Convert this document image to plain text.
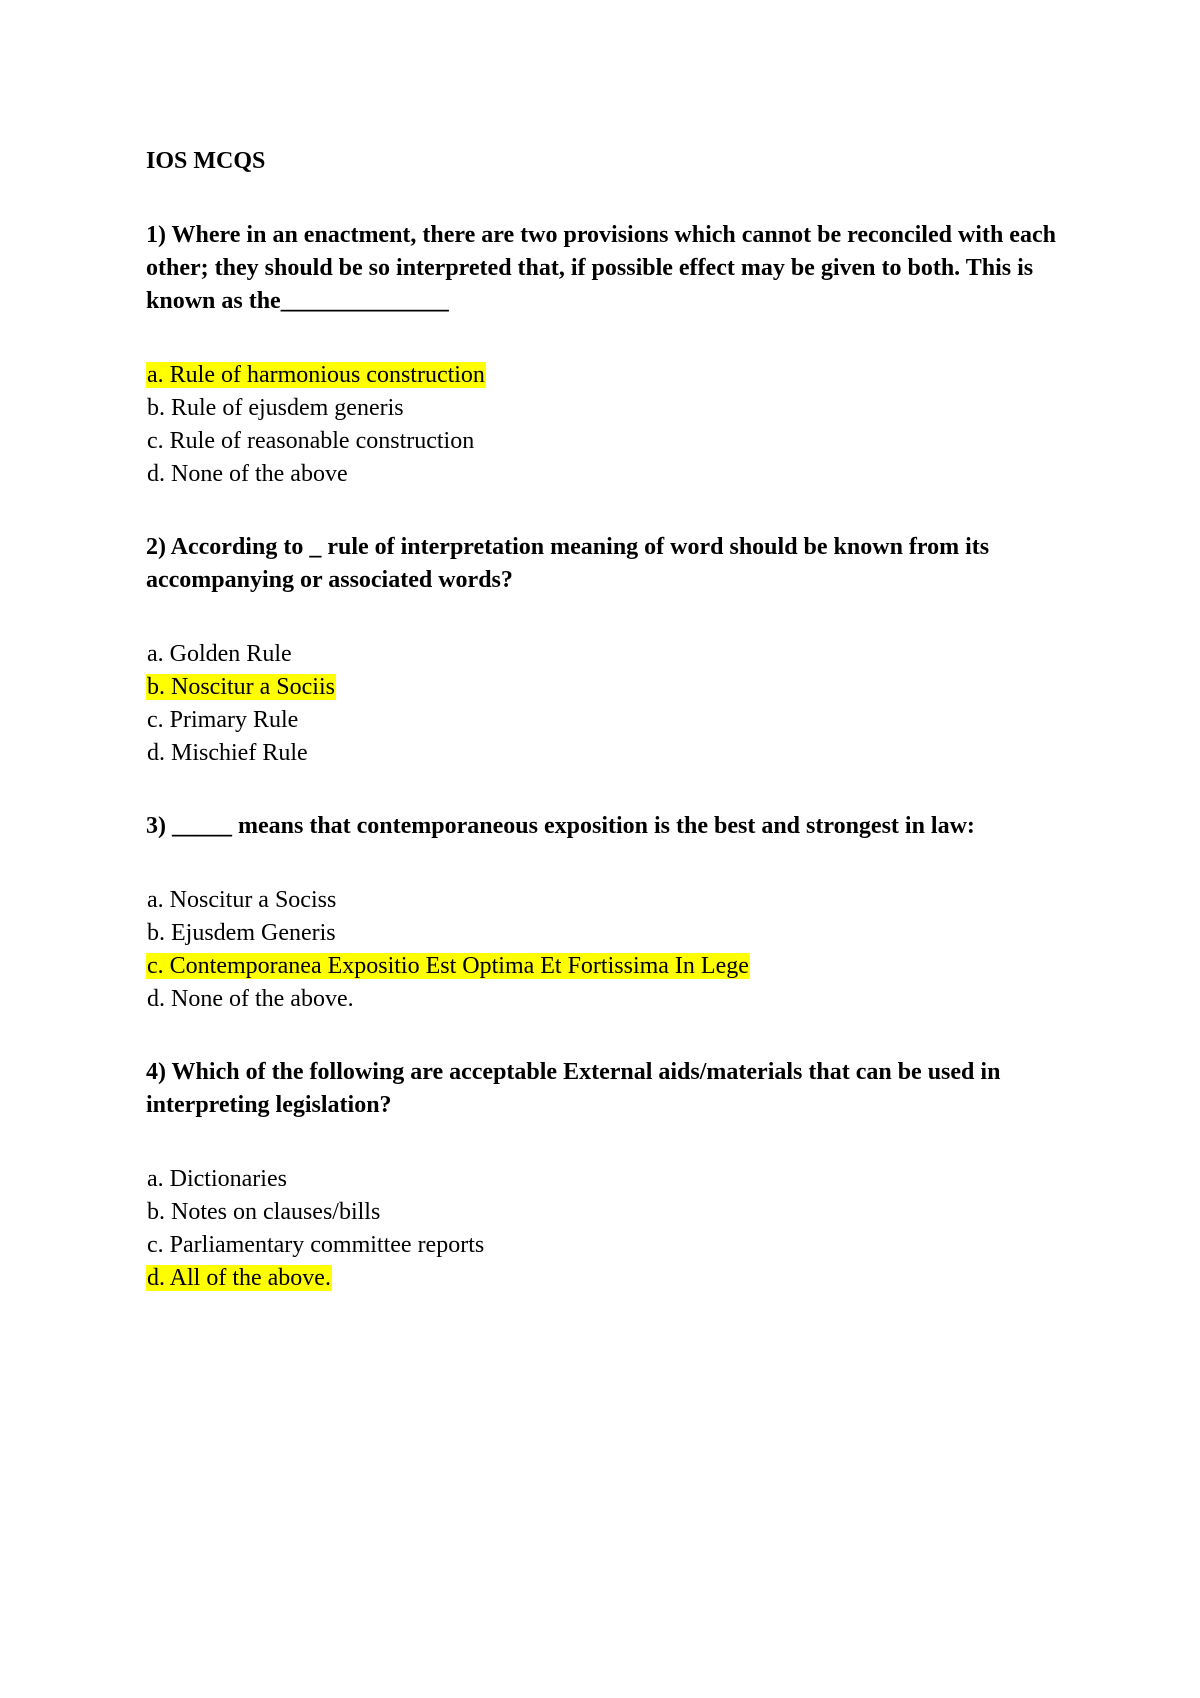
IOS MCQS
1) Where in an enactment, there are two provisions which cannot be reconciled with each other; they should be so interpreted that, if possible effect may be given to both. This is known as the______________
a. Rule of harmonious construction
b. Rule of ejusdem generis
c. Rule of reasonable construction
d. None of the above
2) According to _ rule of interpretation meaning of word should be known from its accompanying or associated words?
a. Golden Rule
b. Noscitur a Sociis
c. Primary Rule
d. Mischief Rule
3) _____ means that contemporaneous exposition is the best and strongest in law:
a. Noscitur a Sociss
b. Ejusdem Generis
c. Contemporanea Expositio Est Optima Et Fortissima In Lege
d. None of the above.
4) Which of the following are acceptable External aids/materials that can be used in interpreting legislation?
a. Dictionaries
b. Notes on clauses/bills
c. Parliamentary committee reports
d. All of the above.
